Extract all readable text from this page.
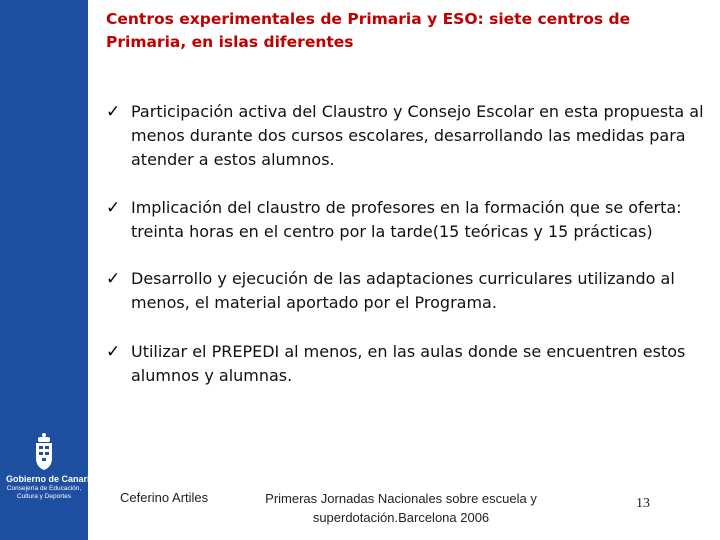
Gobierno de Canarias
Consejería de Educación, Cultura y Deportes
Centros experimentales de Primaria y ESO: siete centros de Primaria, en islas diferentes
✓ Participación activa del Claustro y Consejo Escolar en esta propuesta al menos durante dos cursos escolares, desarrollando las medidas para atender a estos alumnos.
✓ Implicación del claustro de profesores en la formación que se oferta: treinta horas en el centro por la tarde(15 teóricas y 15 prácticas)
✓ Desarrollo y ejecución de las adaptaciones curriculares utilizando al menos, el material aportado por el Programa.
✓ Utilizar el PREPEDI al menos, en las aulas donde se encuentren estos alumnos y alumnas.
Ceferino Artiles	Primeras Jornadas Nacionales sobre escuela y superdotación.Barcelona 2006
13
